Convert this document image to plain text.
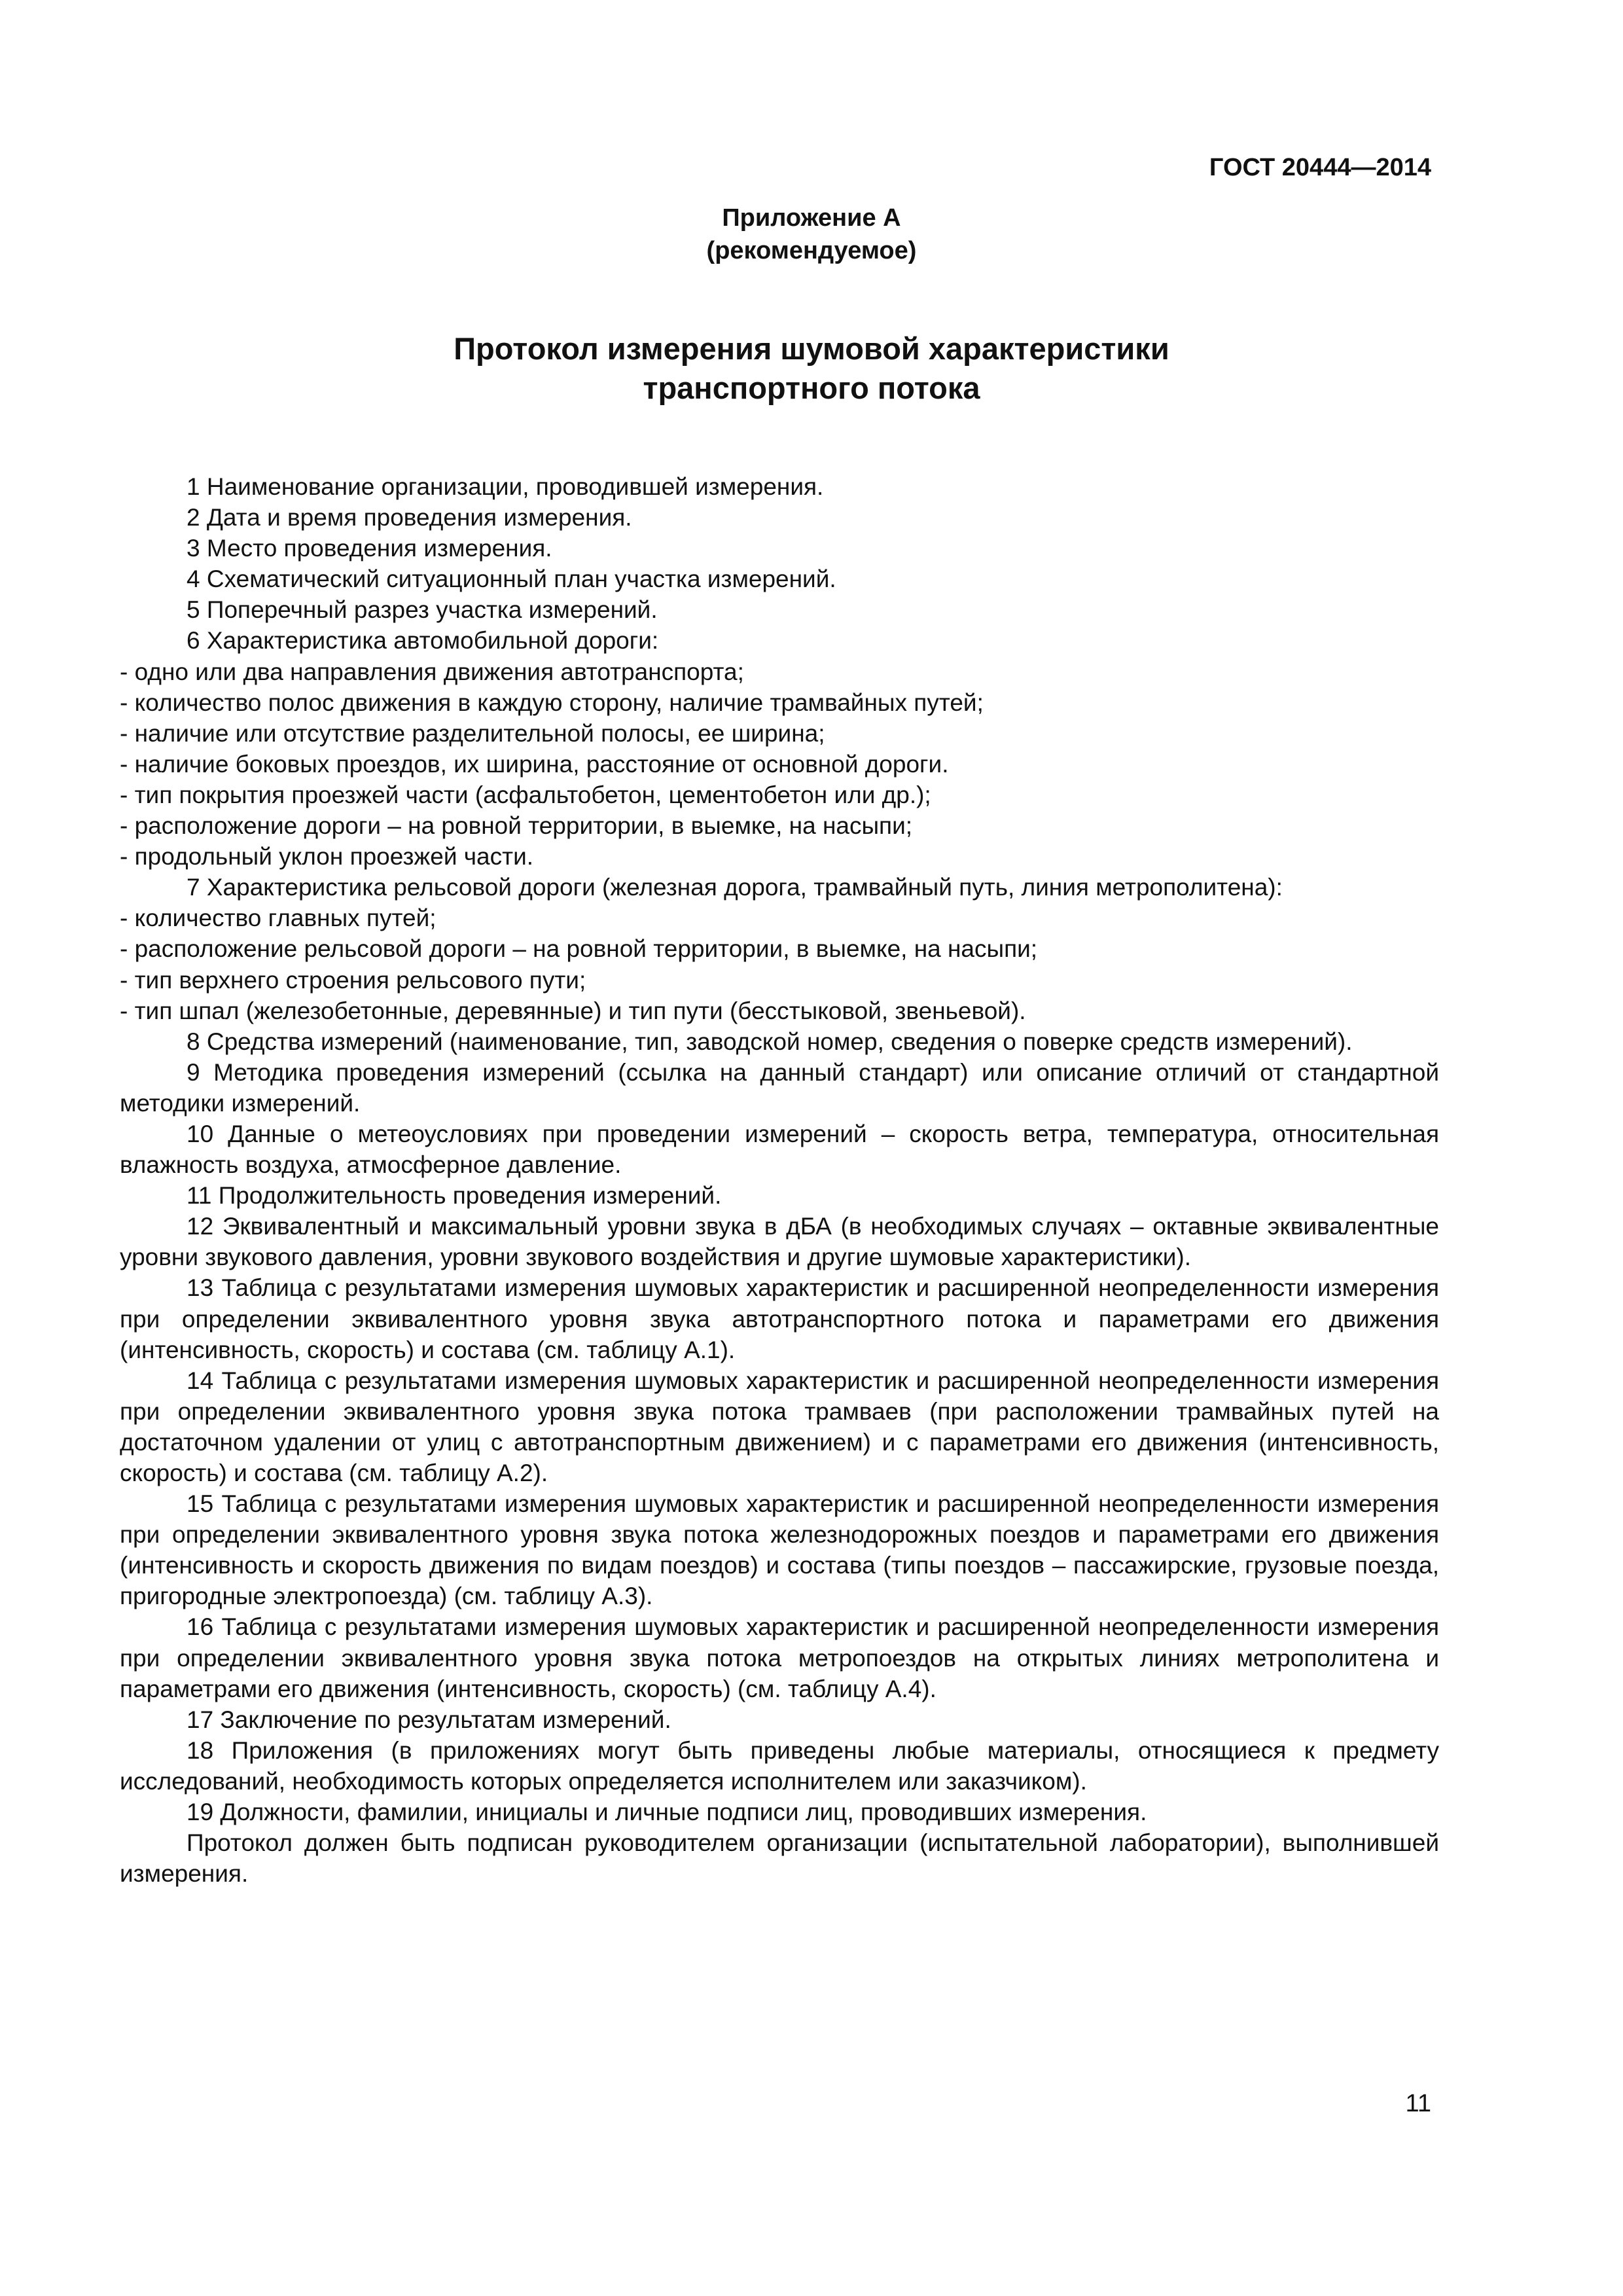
ГОСТ 20444—2014
Приложение А
(рекомендуемое)
Протокол измерения шумовой характеристики
транспортного потока

1 Наименование организации, проводившей измерения.

2 Дата и время проведения измерения.

3 Место проведения измерения.

4 Схематический ситуационный план участка измерений.

5 Поперечный разрез участка измерений.

6 Характеристика автомобильной дороги:

- одно или два направления движения автотранспорта;

- количество полос движения в каждую сторону, наличие трамвайных путей;

- наличие или отсутствие разделительной полосы, ее ширина;

- наличие боковых проездов, их ширина, расстояние от основной дороги.

- тип покрытия проезжей части (асфальтобетон, цементобетон или др.);

- расположение дороги – на ровной территории, в выемке, на насыпи;

- продольный уклон проезжей части.

7 Характеристика рельсовой дороги (железная дорога, трамвайный путь, линия метрополитена):

- количество главных путей;

- расположение рельсовой дороги – на ровной территории, в выемке, на насыпи;

- тип верхнего строения рельсового пути;

- тип шпал (железобетонные, деревянные) и тип пути (бесстыковой, звеньевой).

8 Средства измерений (наименование, тип, заводской номер, сведения о поверке средств измерений).

9 Методика проведения измерений (ссылка на данный стандарт) или описание отличий от стандартной методики измерений.

10 Данные о метеоусловиях при проведении измерений – скорость ветра, температура, относительная влажность воздуха, атмосферное давление.

11 Продолжительность проведения измерений.

12 Эквивалентный и максимальный уровни звука в дБА (в необходимых случаях – октавные эквивалентные уровни звукового давления, уровни звукового воздействия и другие шумовые характеристики).

13 Таблица с результатами измерения шумовых характеристик и расширенной неопределенности измерения при определении эквивалентного уровня звука автотранспортного потока и параметрами его движения (интенсивность, скорость) и состава (см. таблицу А.1).

14 Таблица с результатами измерения шумовых характеристик и расширенной неопределенности измерения при определении эквивалентного уровня звука потока трамваев (при расположении трамвайных путей на достаточном удалении от улиц с автотранспортным движением) и с параметрами его движения (интенсивность, скорость) и состава (см. таблицу А.2).

15 Таблица с результатами измерения шумовых характеристик и расширенной неопределенности измерения при определении эквивалентного уровня звука потока железнодорожных поездов и параметрами его движения (интенсивность и скорость движения по видам поездов) и состава (типы поездов – пассажирские, грузовые поезда, пригородные электропоезда) (см. таблицу А.3).

16 Таблица с результатами измерения шумовых характеристик и расширенной неопределенности измерения при определении эквивалентного уровня звука потока метропоездов на открытых линиях метрополитена и параметрами его движения (интенсивность, скорость) (см. таблицу А.4).

17 Заключение по результатам измерений.

18 Приложения (в приложениях могут быть приведены любые материалы, относящиеся к предмету исследований, необходимость которых определяется исполнителем или заказчиком).

19 Должности, фамилии, инициалы и личные подписи лиц, проводивших измерения.

Протокол должен быть подписан руководителем организации (испытательной лаборатории), выполнившей измерения.

11
